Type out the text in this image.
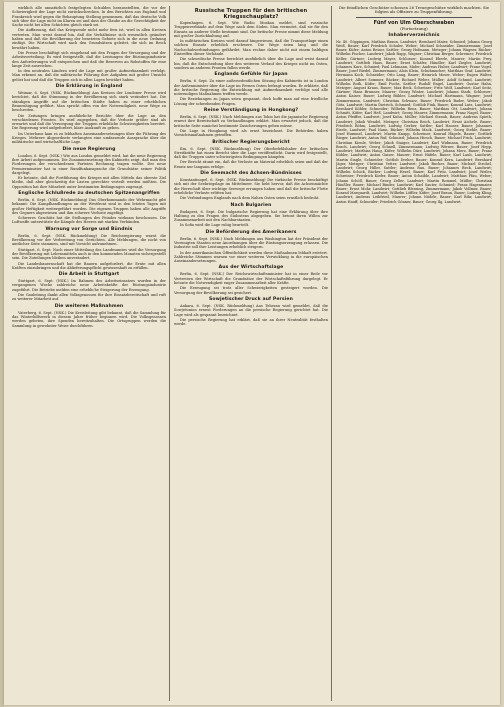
wirklich alle unnatürlich festgelegten Schulden herausstellten, die vor der Schwierigkeit der Lage nicht zurückschrecken. In den Berichten aus England und Frankreich wird gegen die Behauptung Stellung genommen, daß das deutsche Volk sich über die Lage nicht im Klaren sei und dass der Glaube an die Gerechtigkeit der Sache nicht bei allen Schichten gleich stark sei.

Die Auffassung, daß das Kriegsende nicht mehr fern ist, wird in allen Kreisen vertreten. Man weist darauf hin, daß die Verhältnisse sich wesentlich geändert haben und daß die Bevölkerung der besetzten Gebiete sich in die neue Ordnung einfügt. Die Wirtschaft wird nach den Grundsätzen geleitet, die sich im Reich bewährt haben.

Die Presse beschäftigt sich eingehend mit den Fragen der Versorgung und der Arbeitsverteilung. Es wird festgestellt, daß die Leistungen der Rüstungsindustrie den Anforderungen voll entsprechen und daß die Reserven an Rohstoffen für eine lange Zeit ausreichen.

In den neutralen Ländern wird die Lage mit großer Aufmerksamkeit verfolgt. Man erkennt an, daß die militärische Führung ihre Aufgaben mit großer Umsicht gelöst hat und daß die Truppen sich in allen Lagen bewährt haben.

Die Erklärung in England

Weimar, 6. Sept. (NSK. Rückmeldung) Aus Kreisen der Londoner Presse wird berichtet, daß die Stimmung in der Bevölkerung sich stark verändert hat. Die ständigen Angriffe auf die britischen Städte haben zu einer erheblichen Beunruhigung geführt. Man spricht offen von der Notwendigkeit, neue Wege zu beschreiten.

Die Zeitungen bringen ausführliche Berichte über die Lage an den verschiedenen Fronten. Es wird zugegeben, daß die Verluste größer sind als erwartet und daß die Versorgung der Truppen erhebliche Schwierigkeiten bereitet. Die Regierung wird aufgefordert, klare Auskunft zu geben.

Im Unterhaus kam es zu lebhaften Auseinandersetzungen über die Führung des Krieges. Mehrere Abgeordnete verlangten eine umfassende Aussprache über die militärische und wirtschaftliche Lage.

Die neue Regierung

London, 6. Sept. (NSK.) Wie aus London gemeldet wird, hat die neue Regierung ihre Arbeit aufgenommen. Die Zusammensetzung des Kabinetts zeigt, daß man den Forderungen der verschiedenen Parteien Rechnung tragen wollte. Der neue Premierminister hat in einer Rundfunkansprache die Grundsätze seiner Politik dargelegt.

Er betonte, daß die Fortführung des Krieges mit allen Mitteln das oberste Ziel bleibe, daß aber gleichzeitig die Lasten gerechter verteilt werden müßten. Die Opposition hat ihre Mitarbeit unter bestimmten Bedingungen zugesagt.

Englische Schlußrede zu deutschen Spitzenangriffen

Berlin, 6. Sept. (NSK. Rückmeldung) Das Oberkommando der Wehrmacht gibt bekannt: Die Kampfhandlungen an der Westfront sind in den letzten Tagen mit großer Heftigkeit weitergeführt worden. Die eigenen Truppen haben alle Angriffe des Gegners abgewiesen und ihm schwere Verluste zugefügt.

Schweres Geschütz hat die Stellungen des Feindes wirksam beschossen. Die Luftwaffe unterstützte die Kämpfe des Heeres mit starken Verbänden.

Warnung vor Sorge und Bündnis

Berlin, 6. Sept. (NSK. Rückmeldung) Die Reichsregierung warnt die Bevölkerung vor der Verbreitung von Gerüchten. Alle Meldungen, die nicht von amtlicher Seite stammen, sind mit Vorsicht aufzunehmen.

Stuttgart, 6. Sept. Nach einer Mitteilung des Landesamtes wird die Versorgung der Bevölkerung mit Lebensmitteln auch in den kommenden Monaten sichergestellt sein. Die Zuteilungen bleiben unverändert.

Die Landesbauernschaft hat die Bauern aufgefordert, die Ernte mit allen Kräften einzubringen und die Ablieferungspflicht gewissenhaft zu erfüllen.

Die Arbeit in Stuttgart

Stuttgart, 6. Sept. (NSK.) Im Rahmen des Arbeitseinsatzes wurden in der vergangenen Woche zahlreiche neue Arbeitskräfte der Rüstungsindustrie zugeführt. Die Betriebe melden eine erhebliche Steigerung der Erzeugung.

Die Gauleitung dankt allen Volksgenossen für ihre Einsatzbereitschaft und ruft zu weiterer Mitarbeit auf.

Die weiteren Maßnahmen

Vaterberg, 6. Sept. (NSK.) Die Kreisleitung gibt bekannt, daß die Sammlung für das Winterhilfswerk in diesem Jahre früher beginnen wird. Die Volksgenossen werden gebeten, ihre Spenden bereitzuhalten. Die Ortsgruppen werden die Sammlung in gewohnter Weise durchführen.

Russische Truppen für den britischen Kriegsschauplatz?

Kopenhagen, 6. Sept. Wie Radio Moskau meldet, sind russische Truppenverbände auf dem Wege nach dem Süden. Man vermutet, daß sie für den Einsatz an anderer Stelle bestimmt sind. Die britische Presse nimmt diese Meldung mit großer Zurückhaltung auf.

In militärischen Kreisen wird darauf hingewiesen, daß die Transportlage einen solchen Einsatz erheblich erschwere. Die Wege seien lang und die Nachschubverbindungen gefährdet. Man rechne daher nicht mit einem baldigen Eintreffen dieser Verbände.

Die schwedische Presse berichtet ausführlich über die Lage und weist darauf hin, daß die Entscheidung über den weiteren Verlauf des Krieges nicht im Osten, sondern an anderen Fronten fallen werde.

Englands Gefühle für Japan

Berlin, 6. Sept. Zu einer außerordentlichen Sitzung des Kabinetts ist in London der Außenminister über die Lage im Fernen Osten befragt worden. Er erklärte, daß die britische Regierung die Entwicklung mit Aufmerksamkeit verfolge und alle notwendigen Maßnahmen treffen werde.

Die Beziehungen zu Japan seien gespannt, doch hoffe man auf eine friedliche Lösung der schwebenden Fragen.

Reine Verständigung in Hongkong?

Berlin, 6. Sept. (NSK.) Nach Meldungen aus Tokio hat die japanische Regierung erneut ihre Bereitschaft zu Verhandlungen erklärt. Man erwartet jedoch, daß die britische Seite zunächst bestimmte Zusicherungen geben müsse.

Die Lage in Hongkong wird als ernst bezeichnet. Die Behörden haben Vorsichtsmaßnahmen getroffen.

Britischer Regierungsbericht

Ilm, 6. Sept. (NSK. Rückmeldung) Der Oberbefehlshaber der britischen Streitkräfte hat einen Bericht über die Lage veröffentlicht. Darin wird festgestellt, daß die Truppen unter schwierigsten Bedingungen kämpfen.

Der Bericht räumt ein, daß die Verluste an Material erheblich seien und daß der Ersatz nur langsam erfolge.

Die Seemacht des Achsen-Bündnisses

Konstantinopel, 6. Sept. (NSK. Rückmeldung) Die türkische Presse beschäftigt sich mit der Seekriegslage im Mittelmeer. Sie hebt hervor, daß die Achsenmächte die Herrschaft über wichtige Seewege errungen haben und daß die britische Flotte erhebliche Verluste erlitten hat.

Die Verbindungen Englands nach dem Nahen Osten seien ernstlich bedroht.

Nach Bulgarien

Budapest, 6. Sept. Die bulgarische Regierung hat eine Erklärung über ihre Haltung zu den Fragen des Südostens abgegeben. Sie betont ihren Willen zur Zusammenarbeit mit den Nachbarstaaten.

In Sofia wird die Lage ruhig beurteilt.

Die Beförderung des Amerikaners

Berlin, 6. Sept. (NSK.) Nach Meldungen aus Washington hat der Präsident der Vereinigten Staaten neue Anordnungen über die Rüstungserzeugung erlassen. Die Industrie soll ihre Leistungen erheblich steigern.

In der amerikanischen Öffentlichkeit werden diese Maßnahmen lebhaft erörtert. Zahlreiche Stimmen warnen vor einer weiteren Verwicklung in die europäischen Auseinandersetzungen.

Aus der Wirtschaftslage

Berlin, 6. Sept. (NSK.) Der Reichswirtschaftsminister hat in einer Rede vor Vertretern der Wirtschaft die Grundsätze der Wirtschaftsführung dargelegt. Er betonte die Notwendigkeit enger Zusammenarbeit aller Kräfte.

Die Erzeugung sei trotz aller Schwierigkeiten gesteigert worden. Die Versorgung der Bevölkerung sei gesichert.

Sowjetischer Druck auf Persien

Ankara, 6. Sept. (NSK. Rückmeldung) Aus Teheran wird gemeldet, daß die Sowjetunion erneut Forderungen an die persische Regierung gerichtet hat. Die Lage wird als gespannt bezeichnet.

Die persische Regierung hat erklärt, daß sie an ihrer Neutralität festhalten werde.

Die feindlichen Geschütze schossen 26 Treuegeschütze wirklich machten. Sie folgten als Offiziere zu Truppenführung.

Fünf von Ulm Oberschwaben
(Fortsetzung)
Inhaberverzeichnis

Nr. 40. Göppingen, Mathias Braun, Landwirt; Bernhard Maier, Schmied; Johann Georg Weiß, Bauer; Karl Friedrich Schuler, Weber; Michael Schneider, Zimmermann; Josef Bauer, Küfer; Anton Reiser, Sattler; Georg Hofmann, Metzger; Johann Wagner, Bäcker; Wilhelm Fischer, Landwirt; Jakob Rapp, Wagner; Christian Berger, Schreiner; Friedrich Keller, Gärtner; Ludwig Mayer, Schlosser; Konrad Eberle, Maurer; Martin Frey, Landwirt; Gottlieb Haas, Bauer; Ernst Schäfer, Händler; Karl Ziegler, Landwirt; Johannes Kurz, Schmied; Paul Lehmann, Maler; Andreas Huber, Landwirt; Franz Vogel, Bauer; Josef Riedel, Zimmermann; Alois Klein, Schuhmacher; Matthias Graf, Landwirt; Hermann Koch, Schneider; Otto Lang, Bauer; Heinrich Moser, Weber; Eugen Walter, Landwirt; Albert Sommer, Bäcker; Richard Weber, Müller; Adolf Schmid, Landwirt; Wilhelm Roth, Küfer; Emil Fuchs, Sattler; Rudolf Engel, Landwirt; Gustav Hahn, Metzger; August Kraus, Bauer; Max Beck, Schreiner; Fritz Wolf, Landwirt; Karl Seitz, Gärtner; Hans Brunner, Maurer; Georg Winter, Landwirt; Johann Stark, Schlosser; Anton Kaiser, Bauer; Ludwig Bühler, Landwirt; Michael Hartmann, Wagner; Josef Zimmermann, Landwirt; Christian Schwarz, Bauer; Friedrich Bader, Weber; Jakob Götz, Landwirt; Martin Dietrich, Schmied; Gottlob Fink, Bauer; Konrad Lutz, Landwirt; Bernhard Köhler, Schneider; Wilhelm Renz, Bauer; Matthias Ott, Landwirt; Johann Schmitt, Küfer; Karl Heß, Landwirt; Georg Maurer, Zimmermann; Franz Nagel, Bauer; Anton Pfeiffer, Landwirt; Josef Kuhn, Müller; Michael Straub, Bauer; Andreas Spieth, Landwirt; Jakob Wendel, Metzger; Christian Reich, Landwirt; Ernst Aichele, Bauer; Friedrich Böhm, Landwirt; Ludwig Gerber, Sattler; Karl Hauser, Bauer; Johannes Eisele, Landwirt; Paul Nann, Bäcker; Wilhelm Mack, Landwirt; Georg Stehle, Bauer; Josef Hummel, Landwirt; Martin Knapp, Schreiner; Konrad Hägele, Bauer; Gottlieb Rieger, Landwirt; Anton Ruf, Schmied; Johann Hirsch, Bauer; Michael Frick, Landwirt; Christian Kienle, Weber; Jakob Staiger, Landwirt; Karl Widmann, Bauer; Friedrich Bosch, Landwirt; Georg Schnell, Zimmermann; Ludwig Wörner, Bauer; Josef Hepp, Landwirt; Matthias Haug, Küfer; Wilhelm Dürr, Landwirt; Johann Merz, Bauer; Franz Kübler, Landwirt; Anton Gaiser, Maurer; Ernst Häfele, Bauer; Karl Laub, Landwirt; Martin Single, Schneider; Gottlob Dreher, Bauer; Konrad Kern, Landwirt; Bernhard Jäger, Metzger; Christian Vetter, Landwirt; Jakob Bucher, Bauer; Michael Strobel, Landwirt; Georg Hiller, Sattler; Andreas Rau, Bauer; Johannes Beck, Landwirt; Wilhelm Schick, Bäcker; Ludwig Hezel, Bauer; Karl Fritz, Landwirt; Josef Weiler, Schreiner; Friedrich Kiefer, Bauer; Anton Schaible, Landwirt; Matthias Pfau, Weber; Johann Schöll, Bauer; Georg Zeller, Landwirt; Martin Rommel, Müller; Christian Häußler, Bauer; Michael Binder, Landwirt; Karl Sauter, Schmied; Franz Hagenmaier, Bauer; Ernst Mohr, Landwirt; Gottlieb Blessing, Zimmermann; Jakob Vollmer, Bauer; Konrad Marquardt, Landwirt; Wilhelm Löffler, Küfer; Josef Braun, Bauer; Ludwig Kling, Landwirt; Andreas Leibfried, Maurer; Johann Nädele, Bauer; Karl Bihr, Landwirt; Anton Hauff, Schneider; Friedrich Gönner, Bauer; Georg Ilg, Landwirt.
